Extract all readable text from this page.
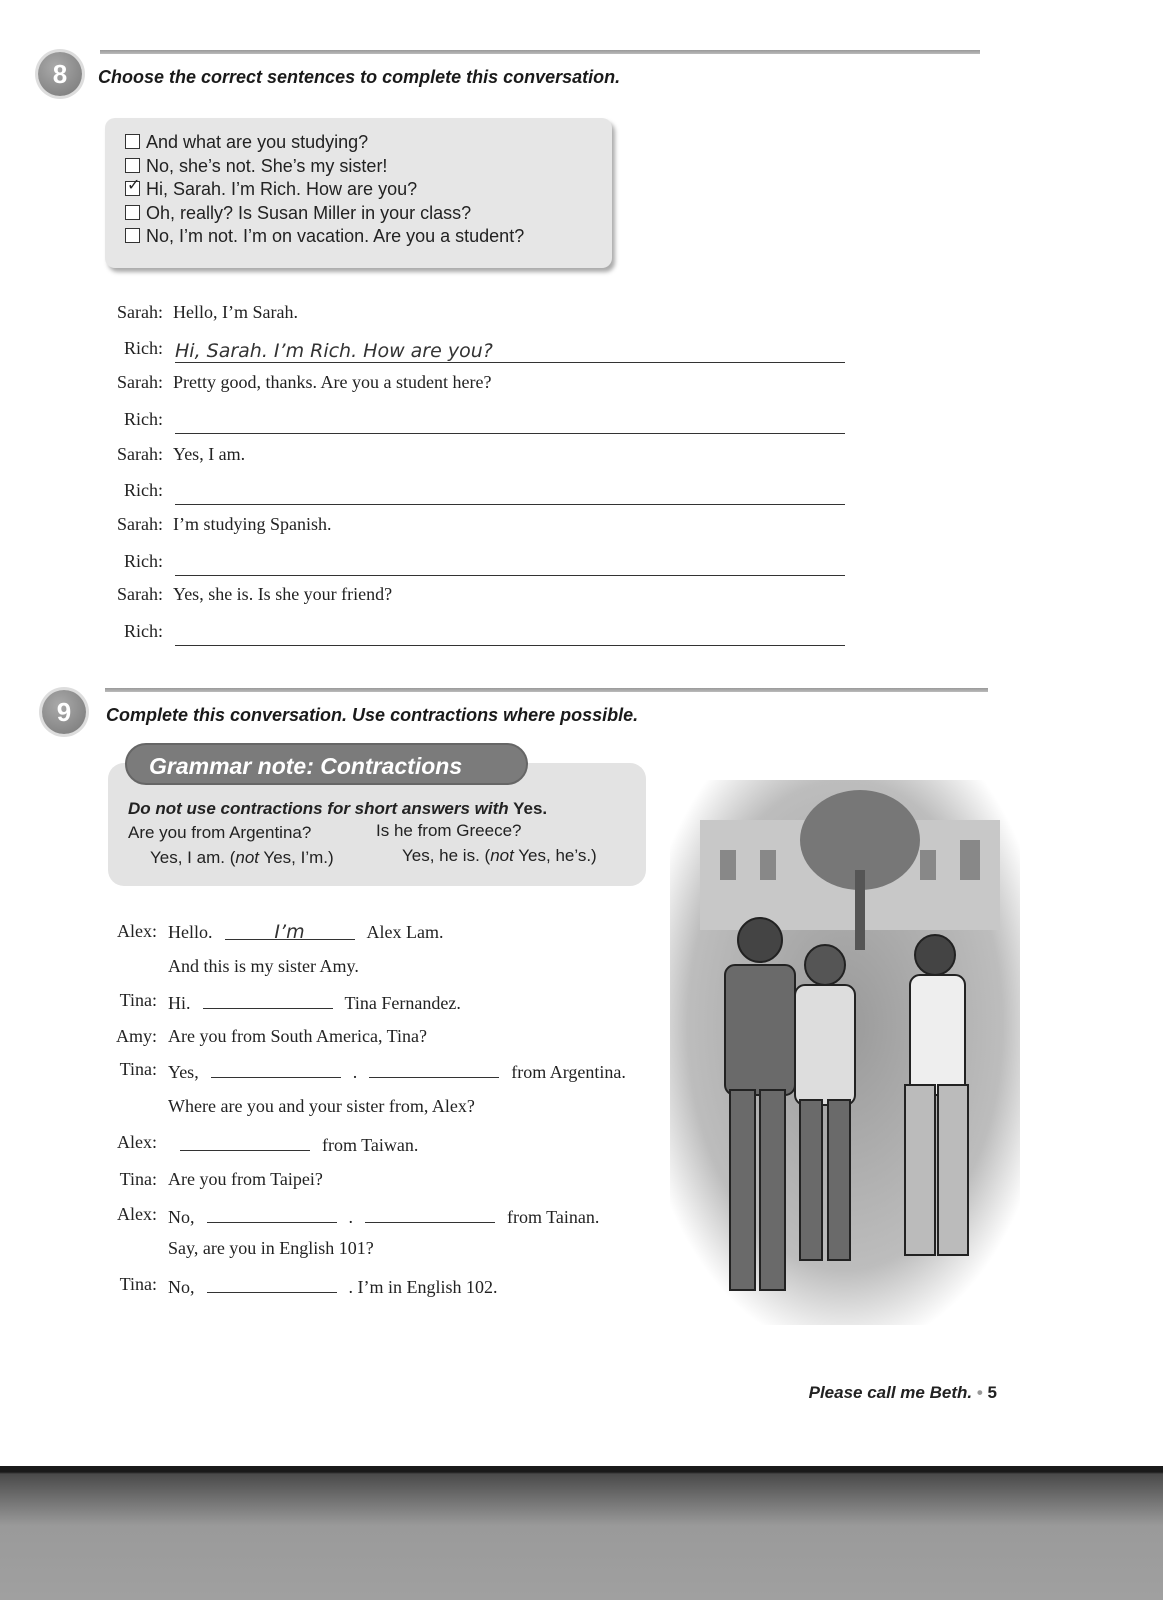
8	Choose the correct sentences to complete this conversation.
And what are you studying?
No, she’s not. She’s my sister!
✓Hi, Sarah. I’m Rich. How are you?
Oh, really? Is Susan Miller in your class?
No, I’m not. I’m on vacation. Are you a student?
Sarah: Hello, I’m Sarah.
Rich: Hi, Sarah. I’m Rich. How are you?
Sarah: Pretty good, thanks. Are you a student here?
Rich:
Sarah: Yes, I am.
Rich:
Sarah: I’m studying Spanish.
Rich:
Sarah: Yes, she is. Is she your friend?
Rich:
9	Complete this conversation. Use contractions where possible.
Do not use contractions for short answers with Yes.
Are you from Argentina?	Is he from Greece?
Yes, I am. (not Yes, I’m.)	Yes, he is. (not Yes, he’s.)
Grammar note: Contractions
Alex: Hello.	I’m	Alex Lam.
And this is my sister Amy.
Tina: Hi.	Tina Fernandez.
Amy: Are you from South America, Tina?
Tina: Yes,	.	from Argentina.
Where are you and your sister from, Alex?
Alex:	from Taiwan.
Tina: Are you from Taipei?
Alex: No,	.	from Tainan.
Say, are you in English 101?
Tina: No,	. I’m in English 102.
Please call me Beth. • 5
